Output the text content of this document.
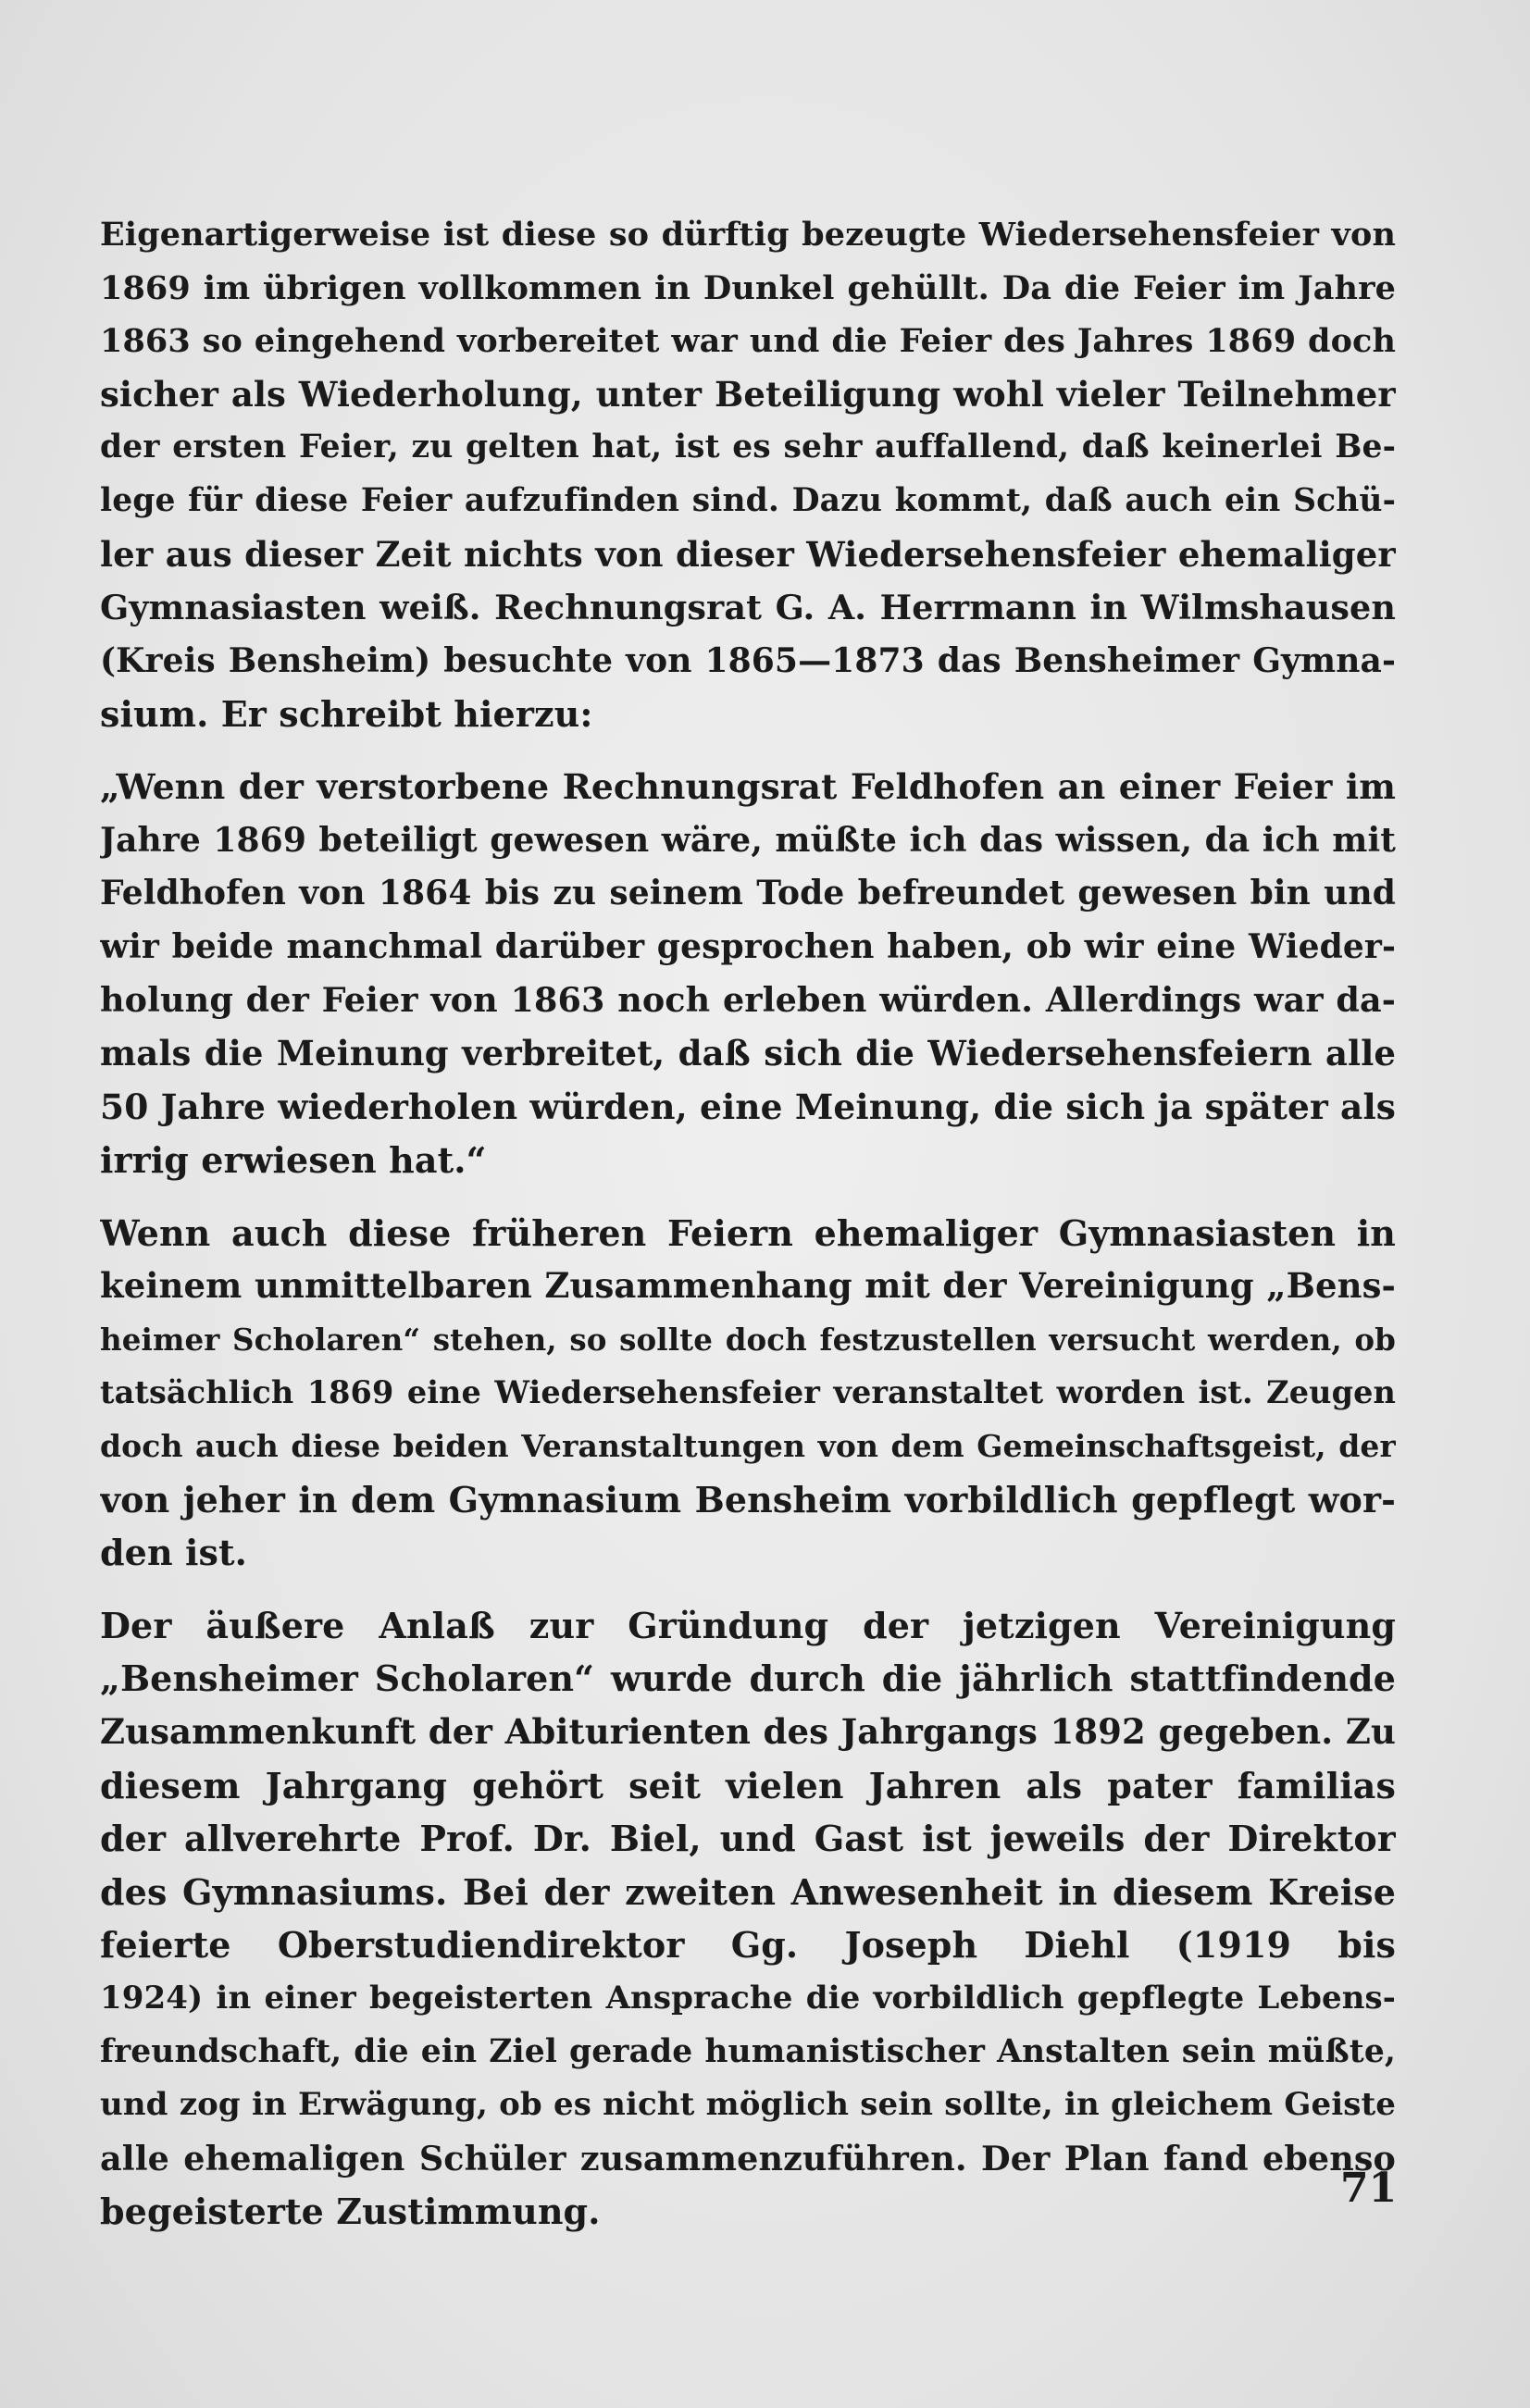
Eigenartigerweise ist diese so dürftig bezeugte Wiedersehensfeier von
1869 im übrigen vollkommen in Dunkel gehüllt. Da die Feier im Jahre
1863 so eingehend vorbereitet war und die Feier des Jahres 1869 doch
sicher als Wiederholung, unter Beteiligung wohl vieler Teilnehmer
der ersten Feier, zu gelten hat, ist es sehr auffallend, daß keinerlei Be-
lege für diese Feier aufzufinden sind. Dazu kommt, daß auch ein Schü-
ler aus dieser Zeit nichts von dieser Wiedersehensfeier ehemaliger
Gymnasiasten weiß. Rechnungsrat G. A. Herrmann in Wilmshausen
(Kreis Bensheim) besuchte von 1865—1873 das Bensheimer Gymna-
sium. Er schreibt hierzu:
„Wenn der verstorbene Rechnungsrat Feldhofen an einer Feier im
Jahre 1869 beteiligt gewesen wäre, müßte ich das wissen, da ich mit
Feldhofen von 1864 bis zu seinem Tode befreundet gewesen bin und
wir beide manchmal darüber gesprochen haben, ob wir eine Wieder-
holung der Feier von 1863 noch erleben würden. Allerdings war da-
mals die Meinung verbreitet, daß sich die Wiedersehensfeiern alle
50 Jahre wiederholen würden, eine Meinung, die sich ja später als
irrig erwiesen hat.“
Wenn auch diese früheren Feiern ehemaliger Gymnasiasten in
keinem unmittelbaren Zusammenhang mit der Vereinigung „Bens-
heimer Scholaren“ stehen, so sollte doch festzustellen versucht werden, ob
tatsächlich 1869 eine Wiedersehensfeier veranstaltet worden ist. Zeugen
doch auch diese beiden Veranstaltungen von dem Gemeinschaftsgeist, der
von jeher in dem Gymnasium Bensheim vorbildlich gepflegt wor-
den ist.
Der äußere Anlaß zur Gründung der jetzigen Vereinigung
„Bensheimer Scholaren“ wurde durch die jährlich stattfindende
Zusammenkunft der Abiturienten des Jahrgangs 1892 gegeben. Zu
diesem Jahrgang gehört seit vielen Jahren als pater familias
der allverehrte Prof. Dr. Biel, und Gast ist jeweils der Direktor
des Gymnasiums. Bei der zweiten Anwesenheit in diesem Kreise
feierte Oberstudiendirektor Gg. Joseph Diehl (1919 bis
1924) in einer begeisterten Ansprache die vorbildlich gepflegte Lebens-
freundschaft, die ein Ziel gerade humanistischer Anstalten sein müßte,
und zog in Erwägung, ob es nicht möglich sein sollte, in gleichem Geiste
alle ehemaligen Schüler zusammenzuführen. Der Plan fand ebenso
begeisterte Zustimmung.	71
